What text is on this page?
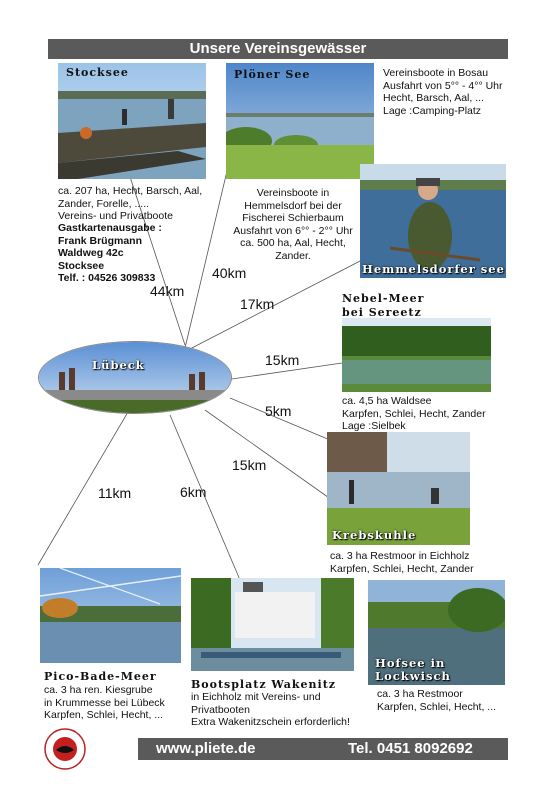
Unsere Vereinsgewässer
Stocksee
ca. 207 ha, Hecht, Barsch, Aal,
Zander, Forelle, .....
Vereins- und Privatboote
Gastkartenausgabe :
Frank Brügmann
Waldweg 42c
Stocksee
Telf. : 04526 309833
Plöner See	Vereinsboote in Bosau
Ausfahrt von 5°° - 4°° Uhr
Hecht, Barsch, Aal, ...
Lage :Camping-Platz
Hemmelsdorfer see
Vereinsboote in
Hemmelsdorf bei der
Fischerei Schierbaum
Ausfahrt von 6°° - 2°° Uhr
ca. 500 ha, Aal, Hecht, Zander.
Nebel-Meer
bei Sereetz
ca. 4,5 ha Waldsee
Karpfen, Schlei, Hecht, Zander
Lage :Sielbek
Krebskuhle
ca. 3 ha Restmoor in Eichholz
Karpfen, Schlei, Hecht, Zander
Hofsee in
Lockwisch
ca. 3 ha Restmoor
Karpfen, Schlei, Hecht, ...
Bootsplatz Wakenitz
in Eichholz mit Vereins- und
Privatbooten
Extra Wakenitzschein erforderlich!
Pico-Bade-Meer
ca. 3 ha ren. Kiesgrube
in Krummesse bei Lübeck
Karpfen, Schlei, Hecht, ...
Lübeck
44km
40km
17km
15km
5km
15km
6km
11km
www.pliete.de	Tel. 0451 8092692
